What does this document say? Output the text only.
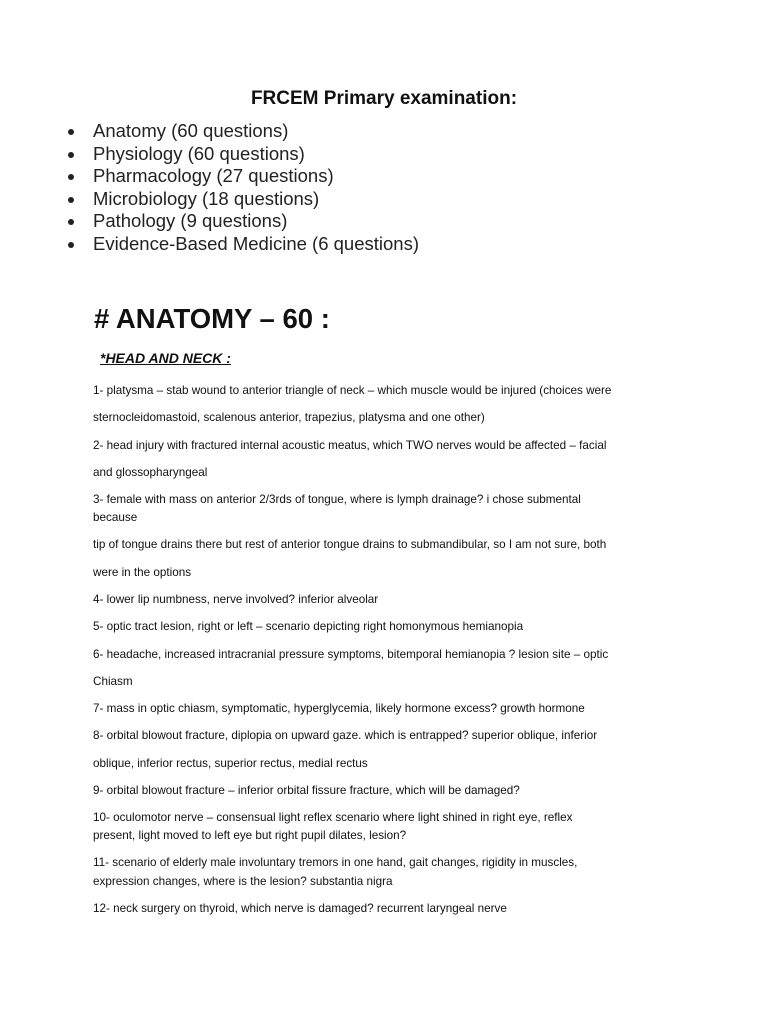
FRCEM Primary examination:
Anatomy (60 questions)
Physiology (60 questions)
Pharmacology (27 questions)
Microbiology (18 questions)
Pathology (9 questions)
Evidence-Based Medicine (6 questions)
# ANATOMY – 60 :
*HEAD AND NECK :

1- platysma – stab wound to anterior triangle of neck – which muscle would be injured (choices were

sternocleidomastoid, scalenous anterior, trapezius, platysma and one other)

2- head injury with fractured internal acoustic meatus, which TWO nerves would be affected – facial

and glossopharyngeal

3- female with mass on anterior 2/3rds of tongue, where is lymph drainage? i chose submental

because

tip of tongue drains there but rest of anterior tongue drains to submandibular, so I am not sure, both

were in the options

4- lower lip numbness, nerve involved? inferior alveolar

5- optic tract lesion, right or left – scenario depicting right homonymous hemianopia

6- headache, increased intracranial pressure symptoms, bitemporal hemianopia ? lesion site – optic

Chiasm

7- mass in optic chiasm, symptomatic, hyperglycemia, likely hormone excess? growth hormone

8- orbital blowout fracture, diplopia on upward gaze. which is entrapped? superior oblique, inferior

oblique, inferior rectus, superior rectus, medial rectus

9- orbital blowout fracture – inferior orbital fissure fracture, which will be damaged?

10- oculomotor nerve – consensual light reflex scenario where light shined in right eye, reflex

present, light moved to left eye but right pupil dilates, lesion?

11- scenario of elderly male involuntary tremors in one hand, gait changes, rigidity in muscles,

expression changes, where is the lesion? substantia nigra

12- neck surgery on thyroid, which nerve is damaged? recurrent laryngeal nerve
